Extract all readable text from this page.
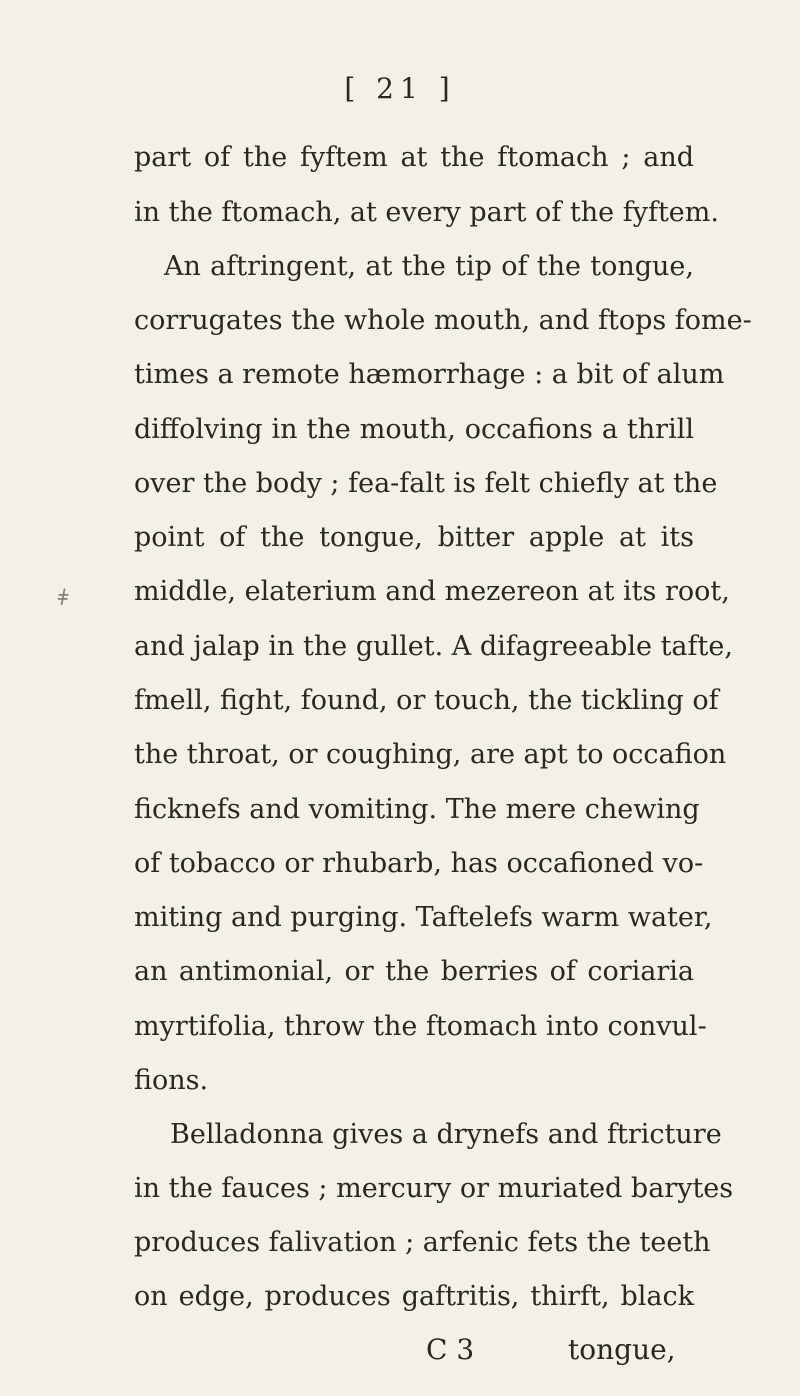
[ 21 ]
ǂ
part of the fyftem at the ftomach ; and
in the ftomach, at every part of the fyftem.
An aftringent, at the tip of the tongue,
corrugates the whole mouth, and ftops fome-
times a remote hæmorrhage : a bit of alum
diffolving in the mouth, occafions a thrill
over the body ; fea-falt is felt chiefly at the
point of the tongue, bitter apple at its
middle, elaterium and mezereon at its root,
and jalap in the gullet. A difagreeable tafte,
fmell, fight, found, or touch, the tickling of
the throat, or coughing, are apt to occafion
ficknefs and vomiting. The mere chewing
of tobacco or rhubarb, has occafioned vo-
miting and purging. Taftelefs warm water,
an antimonial, or the berries of coriaria
myrtifolia, throw the ftomach into convul-
fions.
Belladonna gives a drynefs and ftricture
in the fauces ; mercury or muriated barytes
produces falivation ; arfenic fets the teeth
on edge, produces gaftritis, thirft, black
C 3	tongue,
